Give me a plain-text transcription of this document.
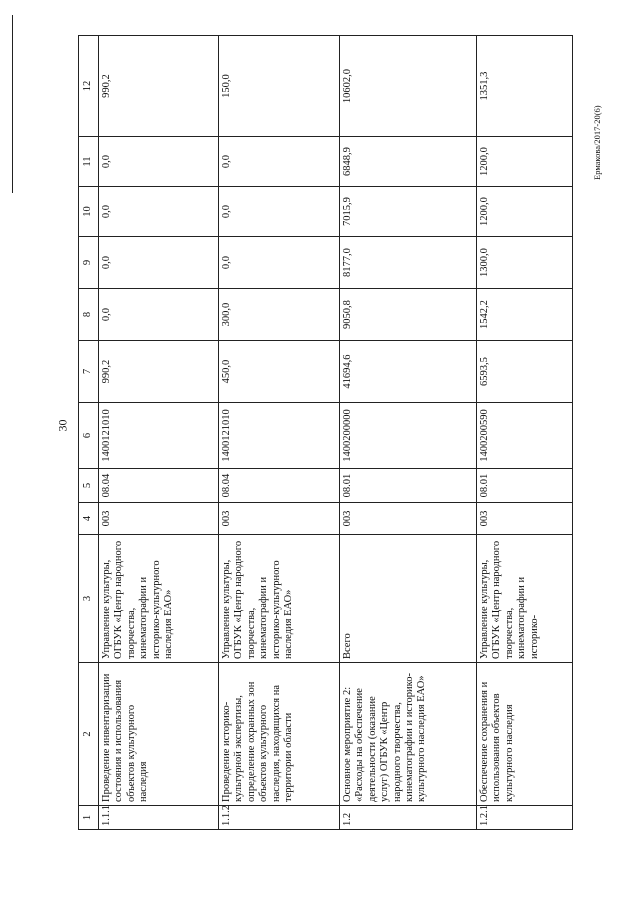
30
Ермакова/2017-20(6)
1	2	3	4	5	6	7	8	9	10	11	12
1.1.1	Проведение инвентаризации состояния и использования объектов культурного наследия	Управление культуры, ОГБУК «Центр народного творчества, кинематографии и историко-культурного наследия ЕАО»	003	08.04	1400121010	990,2	0,0	0,0	0,0	0,0	990,2
1.1.2	Проведение историко-культурной экспертизы, определение охранных зон объектов культурного наследия, находящихся на территории области	Управление культуры, ОГБУК «Центр народного творчества, кинематографии и историко-культурного наследия ЕАО»	003	08.04	1400121010	450,0	300,0	0,0	0,0	0,0	150,0
1.2	Основное мероприятие 2: «Расходы на обеспечение деятельности (оказание услуг) ОГБУК «Центр народного творчества, кинематографии и историко-культурного наследия ЕАО»	Всего	003	08.01	1400200000	41694,6	9050,8	8177,0	7015,9	6848,9	10602,0
1.2.1	Обеспечение сохранения и использования объектов культурного наследия	Управление культуры, ОГБУК «Центр народного творчества, кинематографии и историко-	003	08.01	1400200590	6593,5	1542,2	1300,0	1200,0	1200,0	1351,3
